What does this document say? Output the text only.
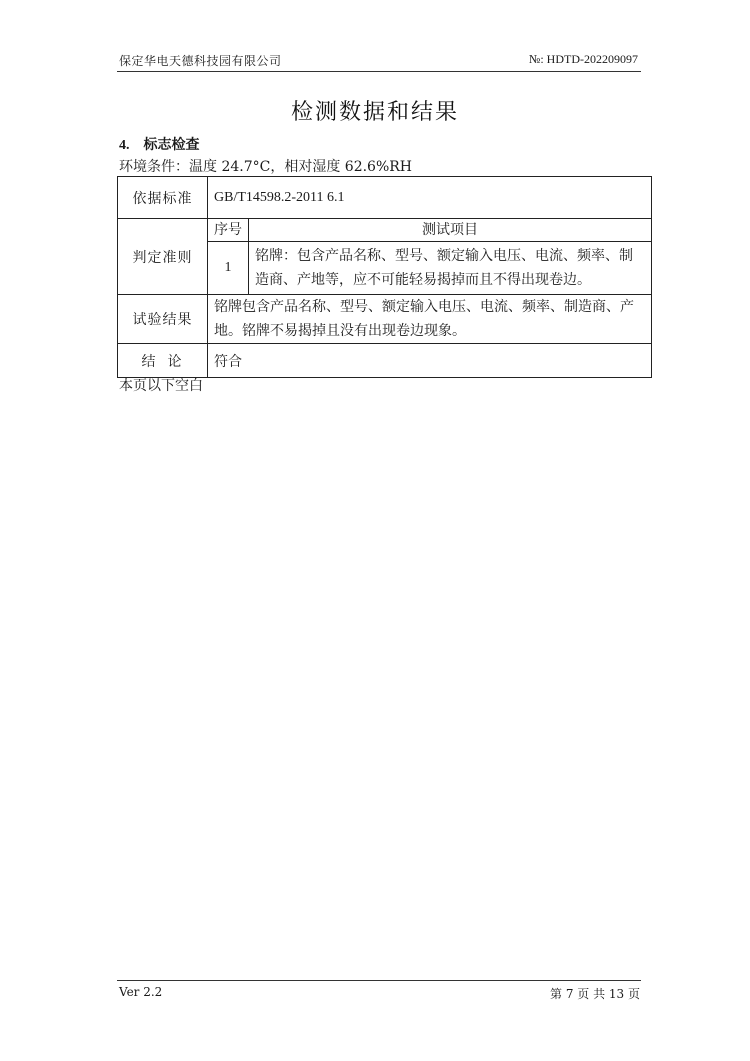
保定华电天德科技园有限公司	№: HDTD-202209097
检测数据和结果
4. 标志检查
环境条件：温度 24.7°C，相对湿度 62.6%RH
依据标准	GB/T14598.2-2011 6.1
判定准则	
序号	测试项目
1	铭牌：包含产品名称、型号、额定输入电压、电流、频率、制造商、产地等，应不可能轻易揭掉而且不得出现卷边。

试验结果	铭牌包含产品名称、型号、额定输入电压、电流、频率、制造商、产地。铭牌不易揭掉且没有出现卷边现象。
结论	符合
本页以下空白
Ver 2.2	第 7 页 共 13 页
